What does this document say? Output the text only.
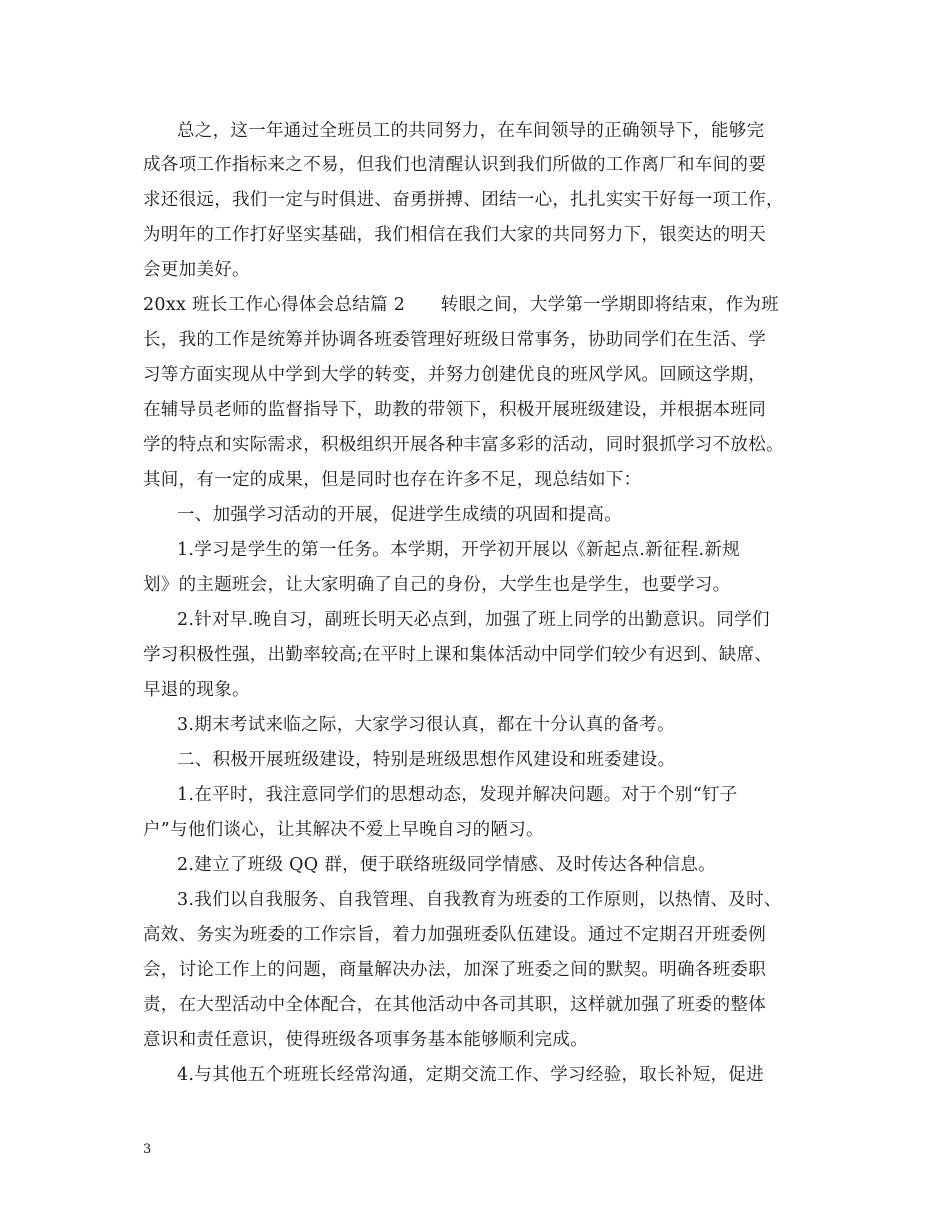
总之，这一年通过全班员工的共同努力，在车间领导的正确领导下，能够完
成各项工作指标来之不易，但我们也清醒认识到我们所做的工作离厂和车间的要
求还很远，我们一定与时俱进、奋勇拼搏、团结一心，扎扎实实干好每一项工作，
为明年的工作打好坚实基础，我们相信在我们大家的共同努力下，银奕达的明天
会更加美好。
20xx 班长工作心得体会总结篇 2　　转眼之间，大学第一学期即将结束，作为班
长，我的工作是统筹并协调各班委管理好班级日常事务，协助同学们在生活、学
习等方面实现从中学到大学的转变，并努力创建优良的班风学风。回顾这学期，
在辅导员老师的监督指导下，助教的带领下，积极开展班级建设，并根据本班同
学的特点和实际需求，积极组织开展各种丰富多彩的活动，同时狠抓学习不放松。
其间，有一定的成果，但是同时也存在许多不足，现总结如下：
一、加强学习活动的开展，促进学生成绩的巩固和提高。
1.学习是学生的第一任务。本学期，开学初开展以《新起点.新征程.新规
划》的主题班会，让大家明确了自己的身份，大学生也是学生，也要学习。
2.针对早.晚自习，副班长明天必点到，加强了班上同学的出勤意识。同学们
学习积极性强，出勤率较高;在平时上课和集体活动中同学们较少有迟到、缺席、
早退的现象。
3.期末考试来临之际，大家学习很认真，都在十分认真的备考。
二、积极开展班级建设，特别是班级思想作风建设和班委建设。
1.在平时，我注意同学们的思想动态，发现并解决问题。对于个别“钉子
户”与他们谈心，让其解决不爱上早晚自习的陋习。
2.建立了班级 QQ 群，便于联络班级同学情感、及时传达各种信息。
3.我们以自我服务、自我管理、自我教育为班委的工作原则，以热情、及时、
高效、务实为班委的工作宗旨，着力加强班委队伍建设。通过不定期召开班委例
会，讨论工作上的问题，商量解决办法，加深了班委之间的默契。明确各班委职
责，在大型活动中全体配合，在其他活动中各司其职，这样就加强了班委的整体
意识和责任意识，使得班级各项事务基本能够顺利完成。
4.与其他五个班班长经常沟通，定期交流工作、学习经验，取长补短，促进
3
